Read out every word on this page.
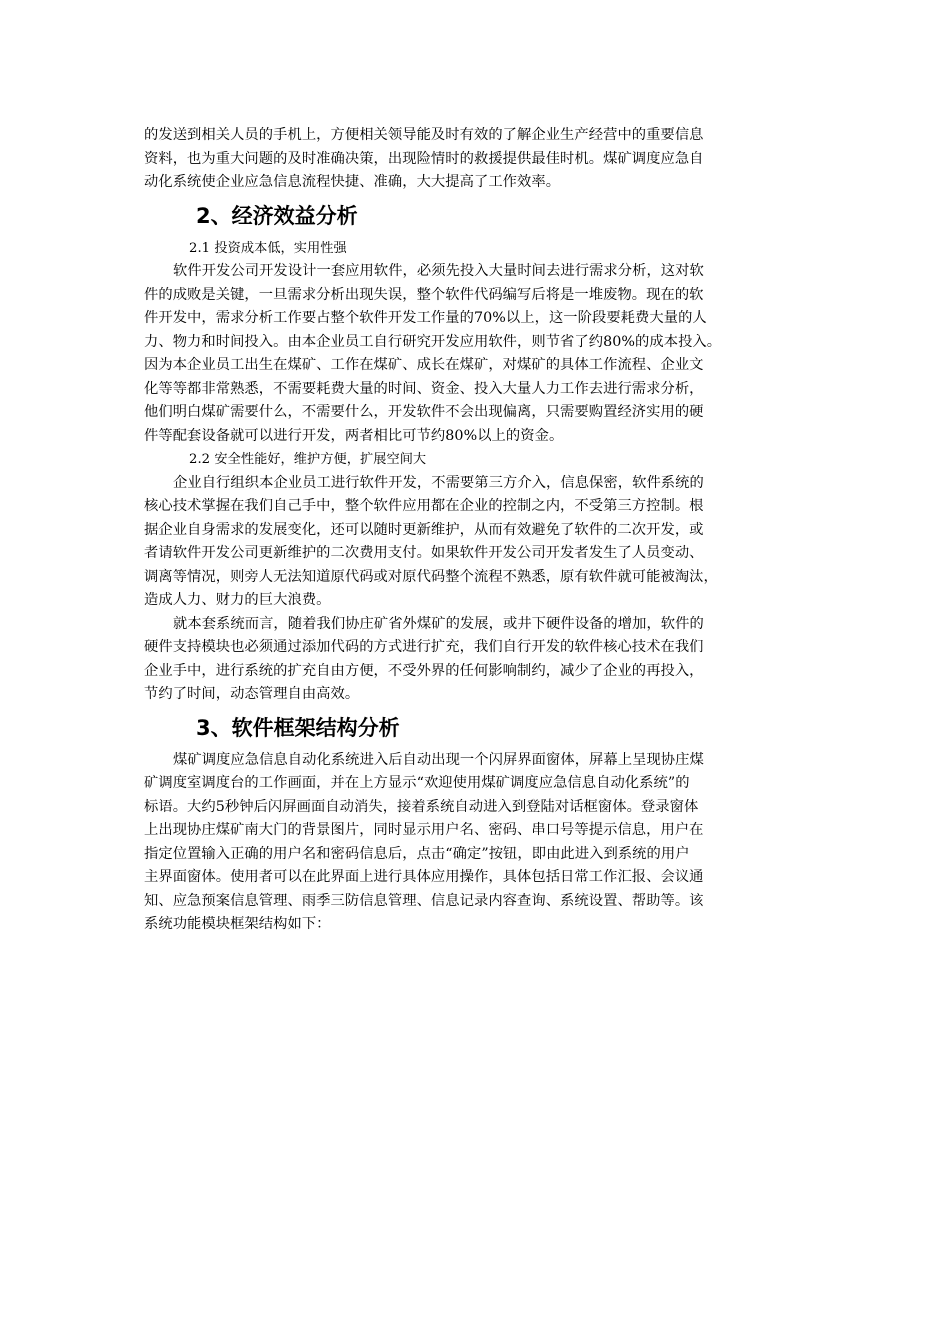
的发送到相关人员的手机上，方便相关领导能及时有效的了解企业生产经营中的重要信息
资料，也为重大问题的及时准确决策，出现险情时的救援提供最佳时机。煤矿调度应急自
动化系统使企业应急信息流程快捷、准确，大大提高了工作效率。
2、经济效益分析
2.1 投资成本低，实用性强
软件开发公司开发设计一套应用软件，必须先投入大量时间去进行需求分析，这对软
件的成败是关键，一旦需求分析出现失误，整个软件代码编写后将是一堆废物。现在的软
件开发中，需求分析工作要占整个软件开发工作量的70%以上，这一阶段要耗费大量的人
力、物力和时间投入。由本企业员工自行研究开发应用软件，则节省了约80%的成本投入。
因为本企业员工出生在煤矿、工作在煤矿、成长在煤矿，对煤矿的具体工作流程、企业文
化等等都非常熟悉，不需要耗费大量的时间、资金、投入大量人力工作去进行需求分析，
他们明白煤矿需要什么，不需要什么，开发软件不会出现偏离，只需要购置经济实用的硬
件等配套设备就可以进行开发，两者相比可节约80%以上的资金。
2.2 安全性能好，维护方便，扩展空间大
企业自行组织本企业员工进行软件开发，不需要第三方介入，信息保密，软件系统的
核心技术掌握在我们自己手中，整个软件应用都在企业的控制之内，不受第三方控制。根
据企业自身需求的发展变化，还可以随时更新维护，从而有效避免了软件的二次开发，或
者请软件开发公司更新维护的二次费用支付。如果软件开发公司开发者发生了人员变动、
调离等情况，则旁人无法知道原代码或对原代码整个流程不熟悉，原有软件就可能被淘汰，
造成人力、财力的巨大浪费。
就本套系统而言，随着我们协庄矿省外煤矿的发展，或井下硬件设备的增加，软件的
硬件支持模块也必须通过添加代码的方式进行扩充，我们自行开发的软件核心技术在我们
企业手中，进行系统的扩充自由方便，不受外界的任何影响制约，减少了企业的再投入，
节约了时间，动态管理自由高效。
3、软件框架结构分析
煤矿调度应急信息自动化系统进入后自动出现一个闪屏界面窗体，屏幕上呈现协庄煤
矿调度室调度台的工作画面，并在上方显示“欢迎使用煤矿调度应急信息自动化系统”的
标语。大约5秒钟后闪屏画面自动消失，接着系统自动进入到登陆对话框窗体。登录窗体
上出现协庄煤矿南大门的背景图片，同时显示用户名、密码、串口号等提示信息，用户在
指定位置输入正确的用户名和密码信息后，点击“确定”按钮，即由此进入到系统的用户
主界面窗体。使用者可以在此界面上进行具体应用操作，具体包括日常工作汇报、会议通
知、应急预案信息管理、雨季三防信息管理、信息记录内容查询、系统设置、帮助等。该
系统功能模块框架结构如下：
